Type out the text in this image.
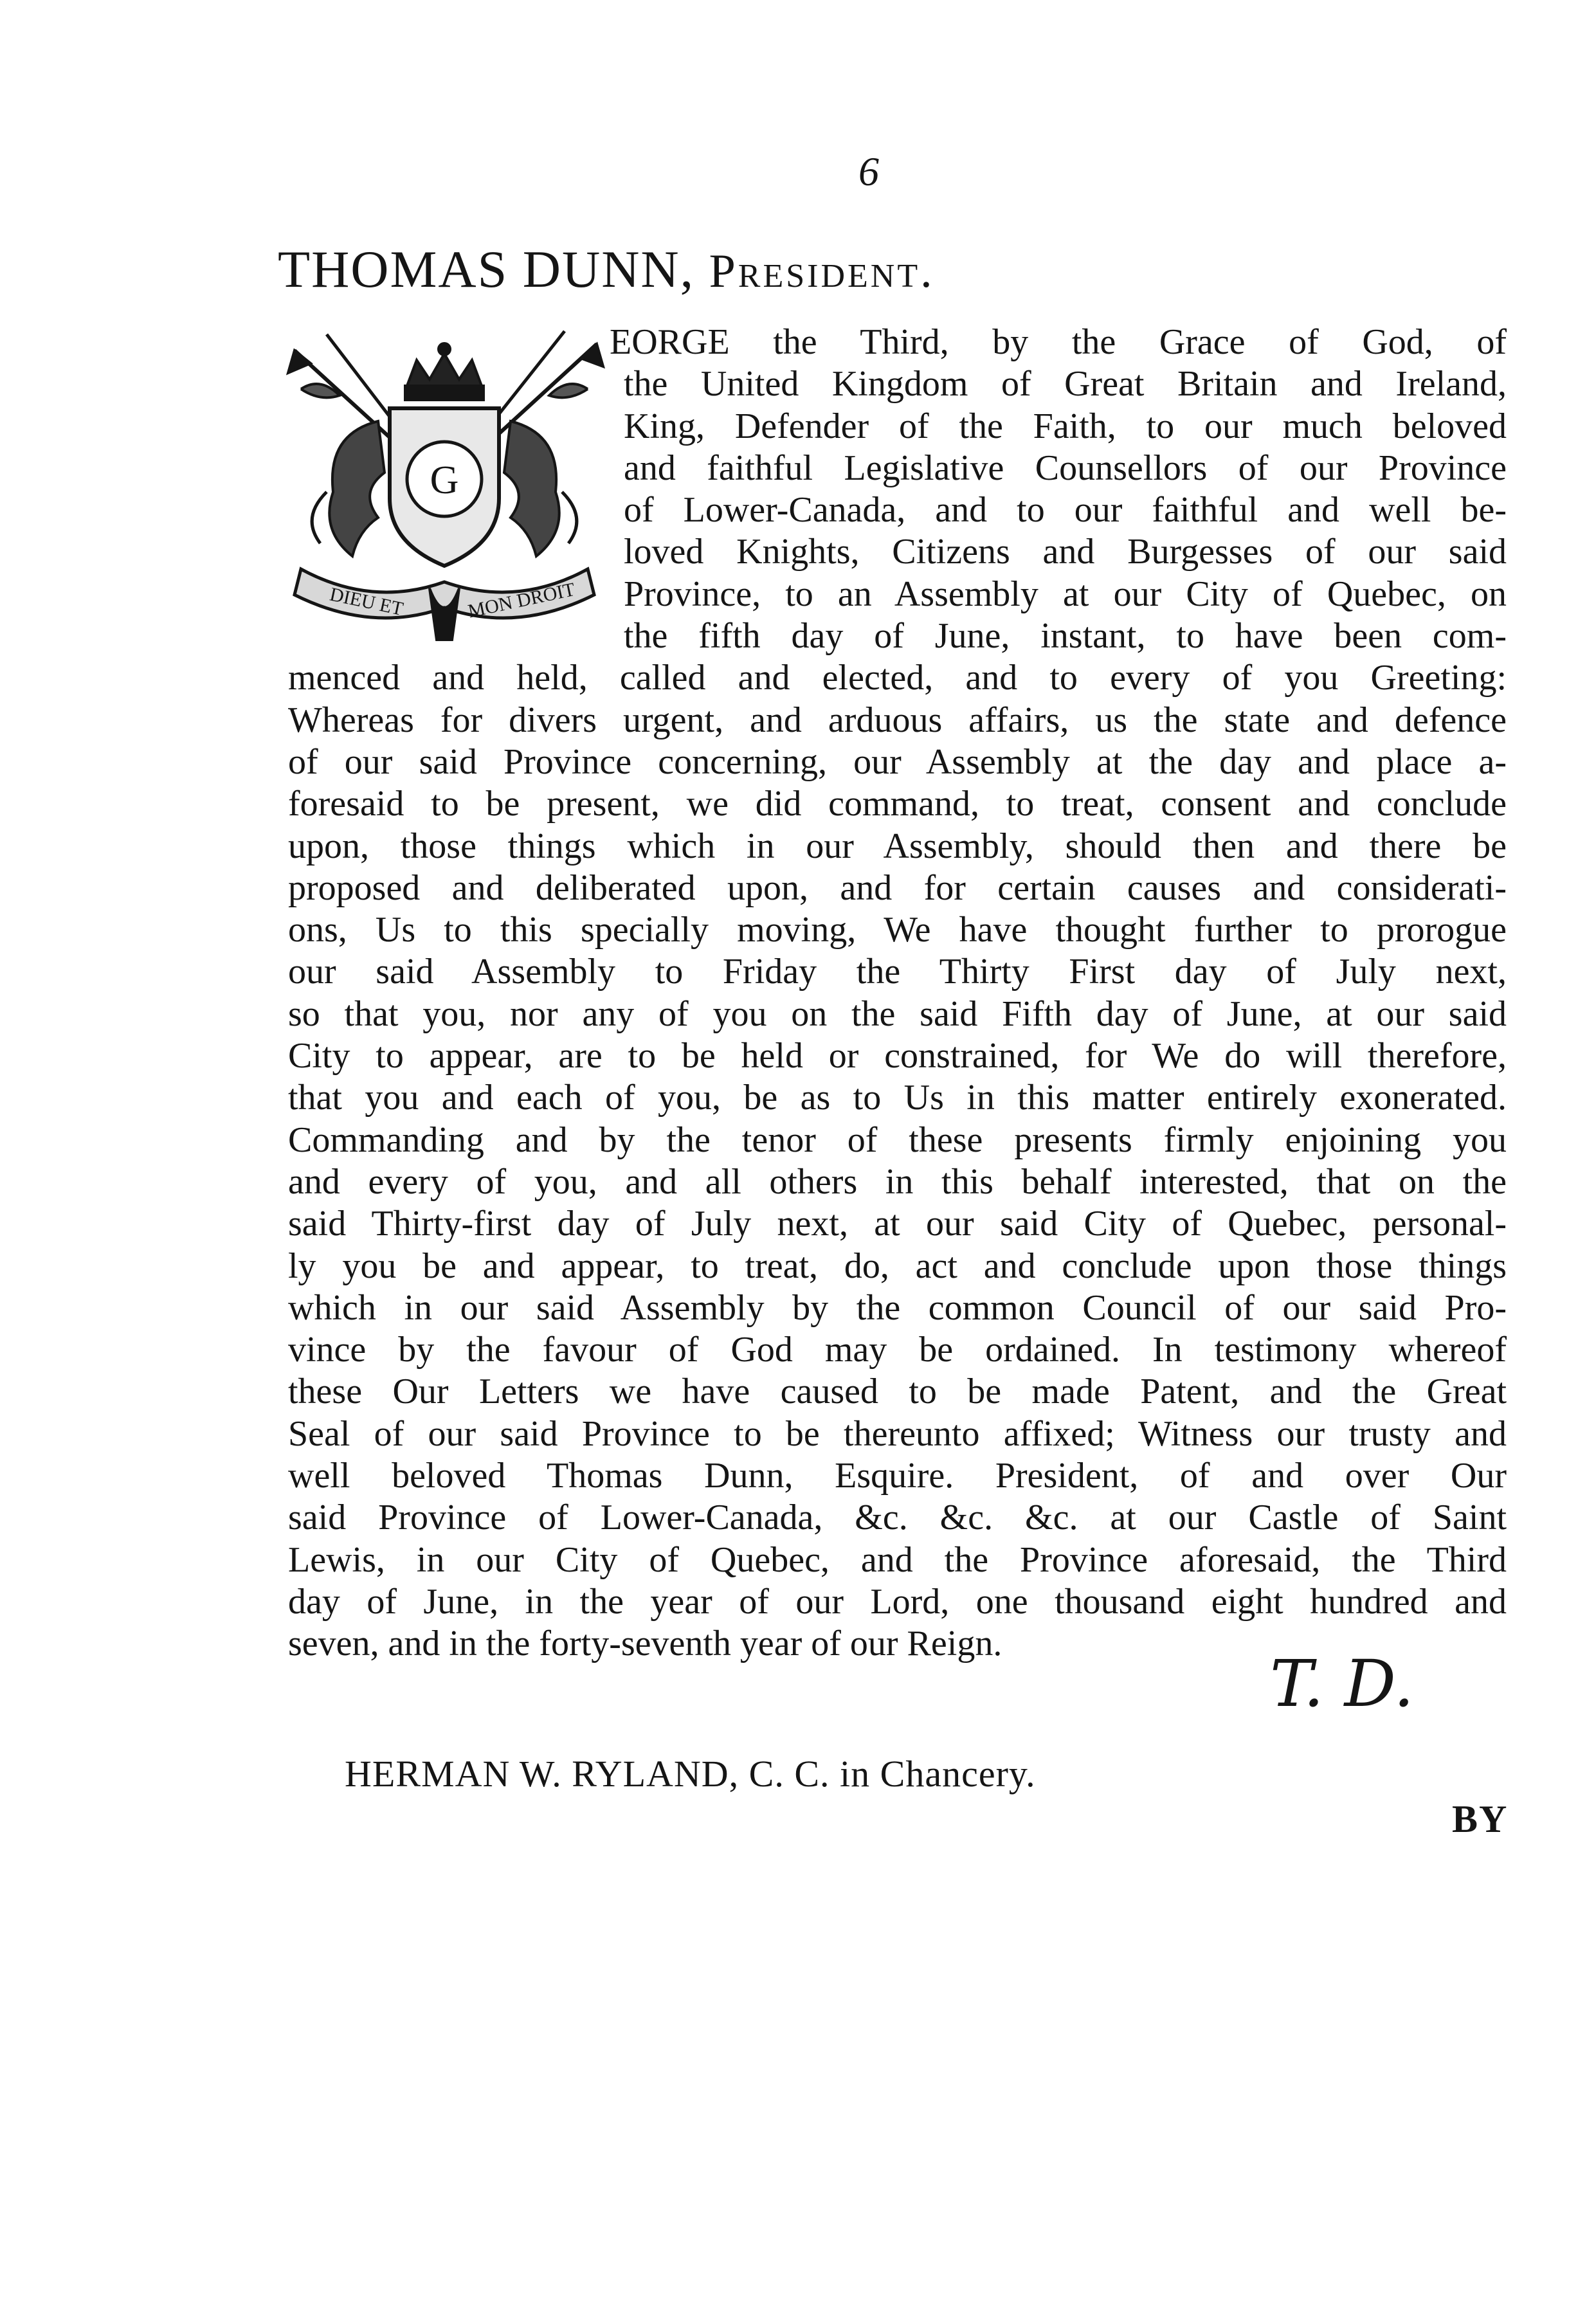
6
THOMAS DUNN, President.
G
DIEU ET	MON DROIT
EORGE the Third, by the Grace of God, of
the United Kingdom of Great Britain and Ireland,
King, Defender of the Faith, to our much beloved
and faithful Legislative Counsellors of our Province
of Lower-Canada, and to our faithful and well be-
loved Knights, Citizens and Burgesses of our said
Province, to an Assembly at our City of Quebec, on
the fifth day of June, instant, to have been com-
menced and held, called and elected, and to every of you Greeting:
Whereas for divers urgent, and arduous affairs, us the state and defence
of our said Province concerning, our Assembly at the day and place a-
foresaid to be present, we did command, to treat, consent and conclude
upon, those things which in our Assembly, should then and there be
proposed and deliberated upon, and for certain causes and considerati-
ons, Us to this specially moving, We have thought further to prorogue
our said Assembly to Friday the Thirty First day of July next,
so that you, nor any of you on the said Fifth day of June, at our said
City to appear, are to be held or constrained, for We do will therefore,
that you and each of you, be as to Us in this matter entirely exonerated.
Commanding and by the tenor of these presents firmly enjoining you
and every of you, and all others in this behalf interested, that on the
said Thirty-first day of July next, at our said City of Quebec, personal-
ly you be and appear, to treat, do, act and conclude upon those things
which in our said Assembly by the common Council of our said Pro-
vince by the favour of God may be ordained. In testimony whereof
these Our Letters we have caused to be made Patent, and the Great
Seal of our said Province to be thereunto affixed; Witness our trusty and
well beloved Thomas Dunn, Esquire. President, of and over Our
said Province of Lower-Canada, &c. &c. &c. at our Castle of Saint
Lewis, in our City of Quebec, and the Province aforesaid, the Third
day of June, in the year of our Lord, one thousand eight hundred and
seven, and in the forty-seventh year of our Reign.
T. D.
HERMAN W. RYLAND, C. C. in Chancery.
BY
